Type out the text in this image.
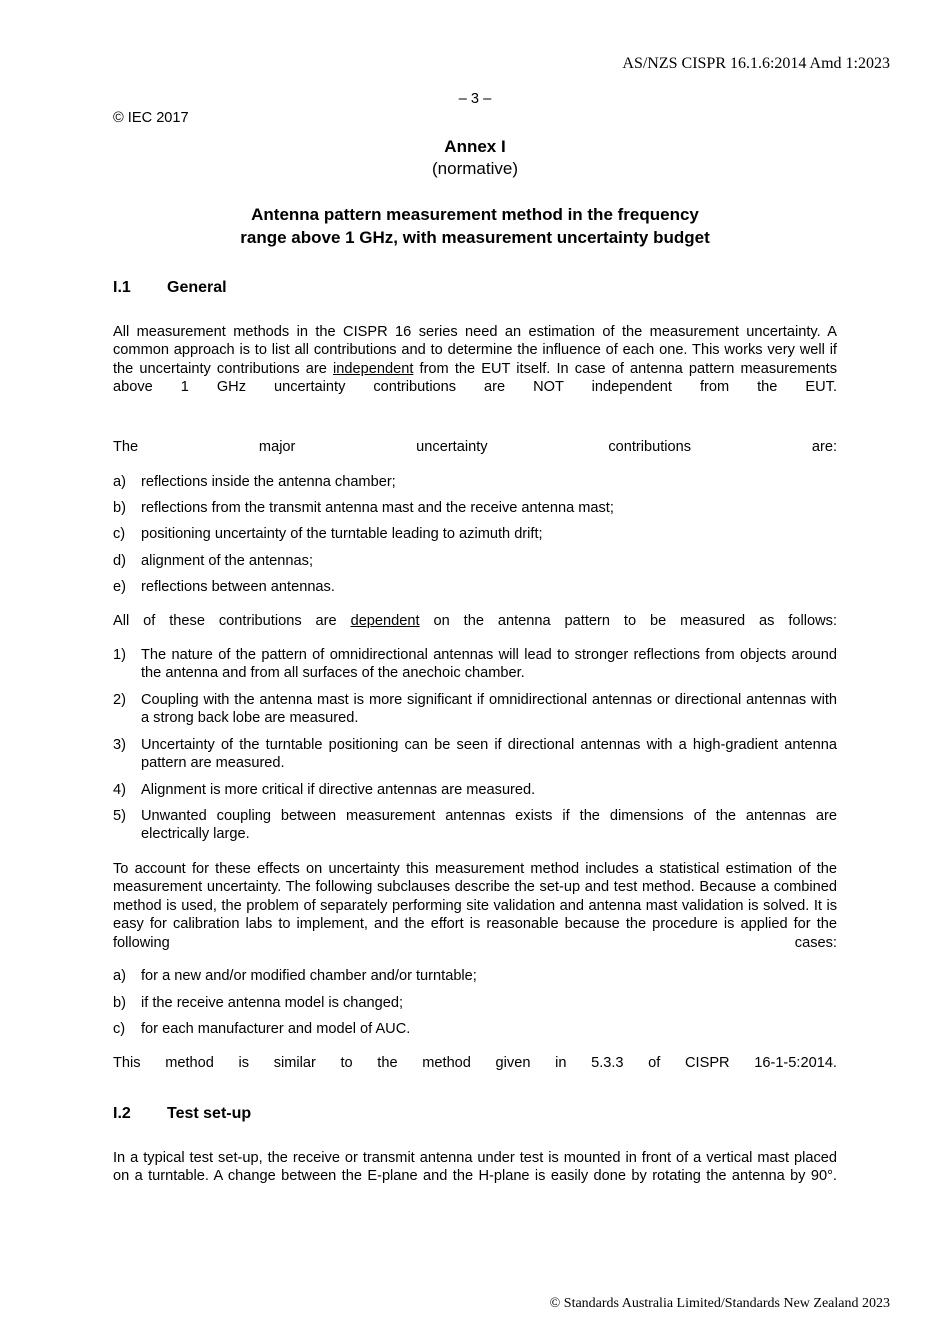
AS/NZS CISPR 16.1.6:2014 Amd 1:2023
– 3 –
© IEC 2017
Annex I
(normative)
Antenna pattern measurement method in the frequency
range above 1 GHz, with measurement uncertainty budget
I.1 General
All measurement methods in the CISPR 16 series need an estimation of the measurement uncertainty. A common approach is to list all contributions and to determine the influence of each one. This works very well if the uncertainty contributions are independent from the EUT itself. In case of antenna pattern measurements above 1 GHz uncertainty contributions are NOT independent from the EUT.
The major uncertainty contributions are:
a)	reflections inside the antenna chamber;
b)	reflections from the transmit antenna mast and the receive antenna mast;
c)	positioning uncertainty of the turntable leading to azimuth drift;
d)	alignment of the antennas;
e)	reflections between antennas.
All of these contributions are dependent on the antenna pattern to be measured as follows:
1)	The nature of the pattern of omnidirectional antennas will lead to stronger reflections from objects around the antenna and from all surfaces of the anechoic chamber.
2)	Coupling with the antenna mast is more significant if omnidirectional antennas or directional antennas with a strong back lobe are measured.
3)	Uncertainty of the turntable positioning can be seen if directional antennas with a high-gradient antenna pattern are measured.
4)	Alignment is more critical if directive antennas are measured.
5)	Unwanted coupling between measurement antennas exists if the dimensions of the antennas are electrically large.
To account for these effects on uncertainty this measurement method includes a statistical estimation of the measurement uncertainty. The following subclauses describe the set-up and test method. Because a combined method is used, the problem of separately performing site validation and antenna mast validation is solved. It is easy for calibration labs to implement, and the effort is reasonable because the procedure is applied for the following cases:
a)	for a new and/or modified chamber and/or turntable;
b)	if the receive antenna model is changed;
c)	for each manufacturer and model of AUC.
This method is similar to the method given in 5.3.3 of CISPR 16-1-5:2014.
I.2 Test set-up
In a typical test set-up, the receive or transmit antenna under test is mounted in front of a vertical mast placed on a turntable. A change between the E-plane and the H-plane is easily done by rotating the antenna by 90°.
© Standards Australia Limited/Standards New Zealand 2023
